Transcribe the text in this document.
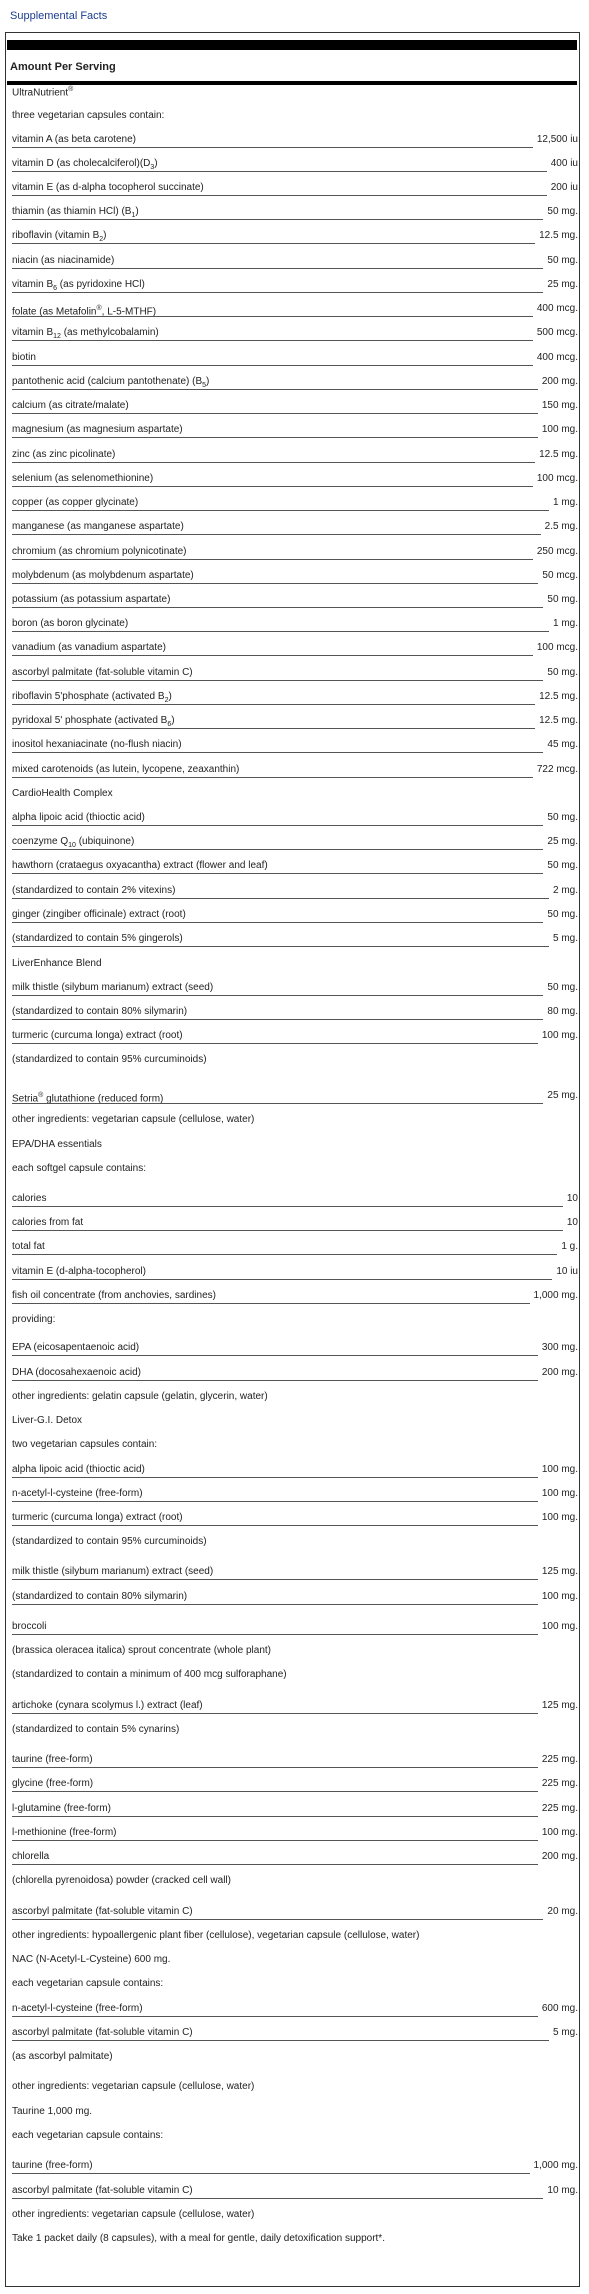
Supplemental Facts
Amount Per Serving
UltraNutrient®
three vegetarian capsules contain:
vitamin A (as beta carotene)	12,500 iu
vitamin D (as $cholecalciferol)(D_3)$	400 iu
vitamin E (as d-alpha tocopherol succinate)	200 iu
thiamin (as thiamin HCl) $(B_1)$	50 mg.
riboflavin (vitamin $B_2$)	12.5 mg.
niacin (as niacinamide)	50 mg.
vitamin $B_6$ (as pyridoxine HCl)	25 mg.
folate (as Metafolin®, L-5-MTHF)	400 mcg.
vitamin $B_{12}$ (as methylcobalamin)	500 mcg.
biotin	400 mcg.
pantothenic acid (calcium pantothenate) $(B_5)$	200 mg.
calcium (as citrate/malate)	150 mg.
magnesium (as magnesium aspartate)	100 mg.
zinc (as zinc picolinate)	12.5 mg.
selenium (as selenomethionine)	100 mcg.
copper (as copper glycinate)	1 mg.
manganese (as manganese aspartate)	2.5 mg.
chromium (as chromium polynicotinate)	250 mcg.
molybdenum (as molybdenum aspartate)	50 mcg.
potassium (as potassium aspartate)	50 mg.
boron (as boron glycinate)	1 mg.
vanadium (as vanadium aspartate)	100 mcg.
ascorbyl palmitate (fat-soluble vitamin C)	50 mg.
riboflavin 5'phosphate (activated $B_2$)	12.5 mg.
pyridoxal 5' phosphate (activated $B_6$)	12.5 mg.
inositol hexaniacinate (no-flush niacin)	45 mg.
mixed carotenoids (as lutein, lycopene, zeaxanthin)	722 mcg.
CardioHealth Complex
alpha lipoic acid (thioctic acid)	50 mg.
coenzyme $Q_{10}$ (ubiquinone)	25 mg.
hawthorn (crataegus oxyacantha) extract (flower and leaf)	50 mg.
(standardized to contain 2% vitexins)	2 mg.
ginger (zingiber officinale) extract (root)	50 mg.
(standardized to contain 5% gingerols)	5 mg.
LiverEnhance Blend
milk thistle (silybum marianum) extract (seed)	50 mg.
(standardized to contain 80% silymarin)	80 mg.
turmeric (curcuma longa) extract (root)	100 mg.
(standardized to contain 95% curcuminoids)
Setria® glutathione (reduced form)	25 mg.
other ingredients: vegetarian capsule (cellulose, water)
EPA/DHA essentials
each softgel capsule contains:
calories	10
calories from fat	10
total fat	1 g.
vitamin E (d-alpha-tocopherol)	10 iu
fish oil concentrate (from anchovies, sardines)	1,000 mg.
providing:
EPA (eicosapentaenoic acid)	300 mg.
DHA (docosahexaenoic acid)	200 mg.
other ingredients: gelatin capsule (gelatin, glycerin, water)
Liver-G.I. Detox
two vegetarian capsules contain:
alpha lipoic acid (thioctic acid)	100 mg.
n-acetyl-l-cysteine (free-form)	100 mg.
turmeric (curcuma longa) extract (root)	100 mg.
(standardized to contain 95% curcuminoids)
milk thistle (silybum marianum) extract (seed)	125 mg.
(standardized to contain 80% silymarin)	100 mg.
broccoli	100 mg.
(brassica oleracea italica) sprout concentrate (whole plant)
(standardized to contain a minimum of 400 mcg sulforaphane)
artichoke (cynara scolymus l.) extract (leaf)	125 mg.
(standardized to contain 5% cynarins)
taurine (free-form)	225 mg.
glycine (free-form)	225 mg.
l-glutamine (free-form)	225 mg.
l-methionine (free-form)	100 mg.
chlorella	200 mg.
(chlorella pyrenoidosa) powder (cracked cell wall)
ascorbyl palmitate (fat-soluble vitamin C)	20 mg.
other ingredients: hypoallergenic plant fiber (cellulose), vegetarian capsule (cellulose, water)
NAC (N-Acetyl-L-Cysteine) 600 mg.
each vegetarian capsule contains:
n-acetyl-l-cysteine (free-form)	600 mg.
ascorbyl palmitate (fat-soluble vitamin C)	5 mg.
(as ascorbyl palmitate)
other ingredients: vegetarian capsule (cellulose, water)
Taurine 1,000 mg.
each vegetarian capsule contains:
taurine (free-form)	1,000 mg.
ascorbyl palmitate (fat-soluble vitamin C)	10 mg.
other ingredients: vegetarian capsule (cellulose, water)
Take 1 packet daily (8 capsules), with a meal for gentle, daily detoxification support*.
